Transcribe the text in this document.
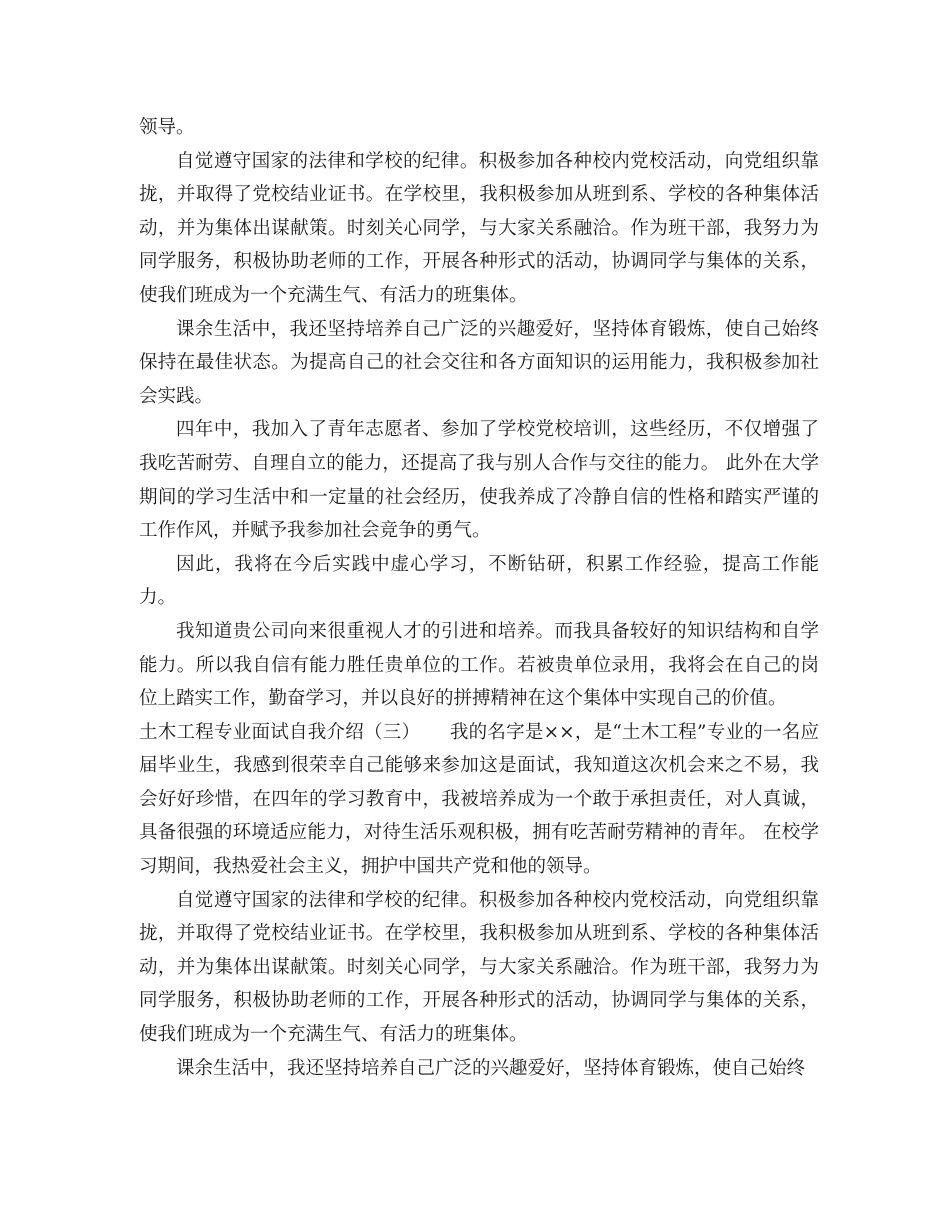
领导。

自觉遵守国家的法律和学校的纪律。积极参加各种校内党校活动，向党组织靠拢，并取得了党校结业证书。在学校里，我积极参加从班到系、学校的各种集体活动，并为集体出谋献策。时刻关心同学，与大家关系融洽。作为班干部，我努力为同学服务，积极协助老师的工作，开展各种形式的活动，协调同学与集体的关系，使我们班成为一个充满生气、有活力的班集体。

课余生活中，我还坚持培养自己广泛的兴趣爱好，坚持体育锻炼，使自己始终保持在最佳状态。为提高自己的社会交往和各方面知识的运用能力，我积极参加社会实践。

四年中，我加入了青年志愿者、参加了学校党校培训，这些经历，不仅增强了我吃苦耐劳、自理自立的能力，还提高了我与别人合作与交往的能力。 此外在大学期间的学习生活中和一定量的社会经历，使我养成了冷静自信的性格和踏实严谨的工作作风，并赋予我参加社会竞争的勇气。

因此，我将在今后实践中虚心学习，不断钻研，积累工作经验，提高工作能力。

我知道贵公司向来很重视人才的引进和培养。而我具备较好的知识结构和自学能力。所以我自信有能力胜任贵单位的工作。若被贵单位录用，我将会在自己的岗位上踏实工作，勤奋学习，并以良好的拼搏精神在这个集体中实现自己的价值。

土木工程专业面试自我介绍（三） 我的名字是××，是“土木工程”专业的一名应届毕业生，我感到很荣幸自己能够来参加这是面试，我知道这次机会来之不易，我会好好珍惜，在四年的学习教育中，我被培养成为一个敢于承担责任，对人真诚，具备很强的环境适应能力，对待生活乐观积极，拥有吃苦耐劳精神的青年。 在校学习期间，我热爱社会主义，拥护中国共产党和他的领导。

自觉遵守国家的法律和学校的纪律。积极参加各种校内党校活动，向党组织靠拢，并取得了党校结业证书。在学校里，我积极参加从班到系、学校的各种集体活动，并为集体出谋献策。时刻关心同学，与大家关系融洽。作为班干部，我努力为同学服务，积极协助老师的工作，开展各种形式的活动，协调同学与集体的关系，使我们班成为一个充满生气、有活力的班集体。

课余生活中，我还坚持培养自己广泛的兴趣爱好，坚持体育锻炼，使自己始终
